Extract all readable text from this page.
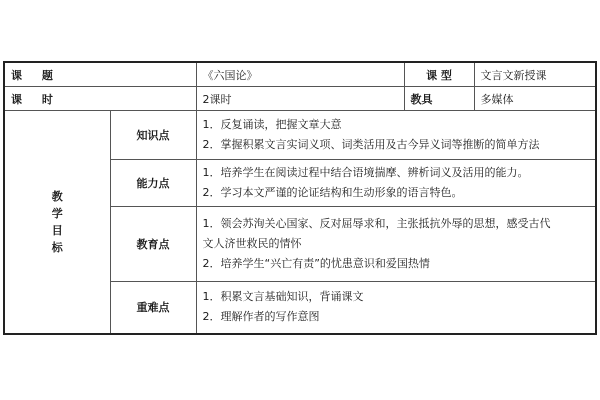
课 题		《六国论》	课 型	文言文新授课
课 时		2课时	教具	多媒体

教
学
目
标	知识点	1．反复诵读，把握文章大意
2．掌握积累文言实词义项、词类活用及古今异义词等推断的简单方法		

	能力点	1．培养学生在阅读过程中结合语境揣摩、辨析词义及活用的能力。
2．学习本文严谨的论证结构和生动形象的语言特色。		

	教育点	1．领会苏洵关心国家、反对屈辱求和，主张抵抗外辱的思想，感受古代
文人济世救民的情怀
2．培养学生“兴亡有责”的忧患意识和爱国热情		

	重难点	1．积累文言基础知识，背诵课文
2．理解作者的写作意图		
